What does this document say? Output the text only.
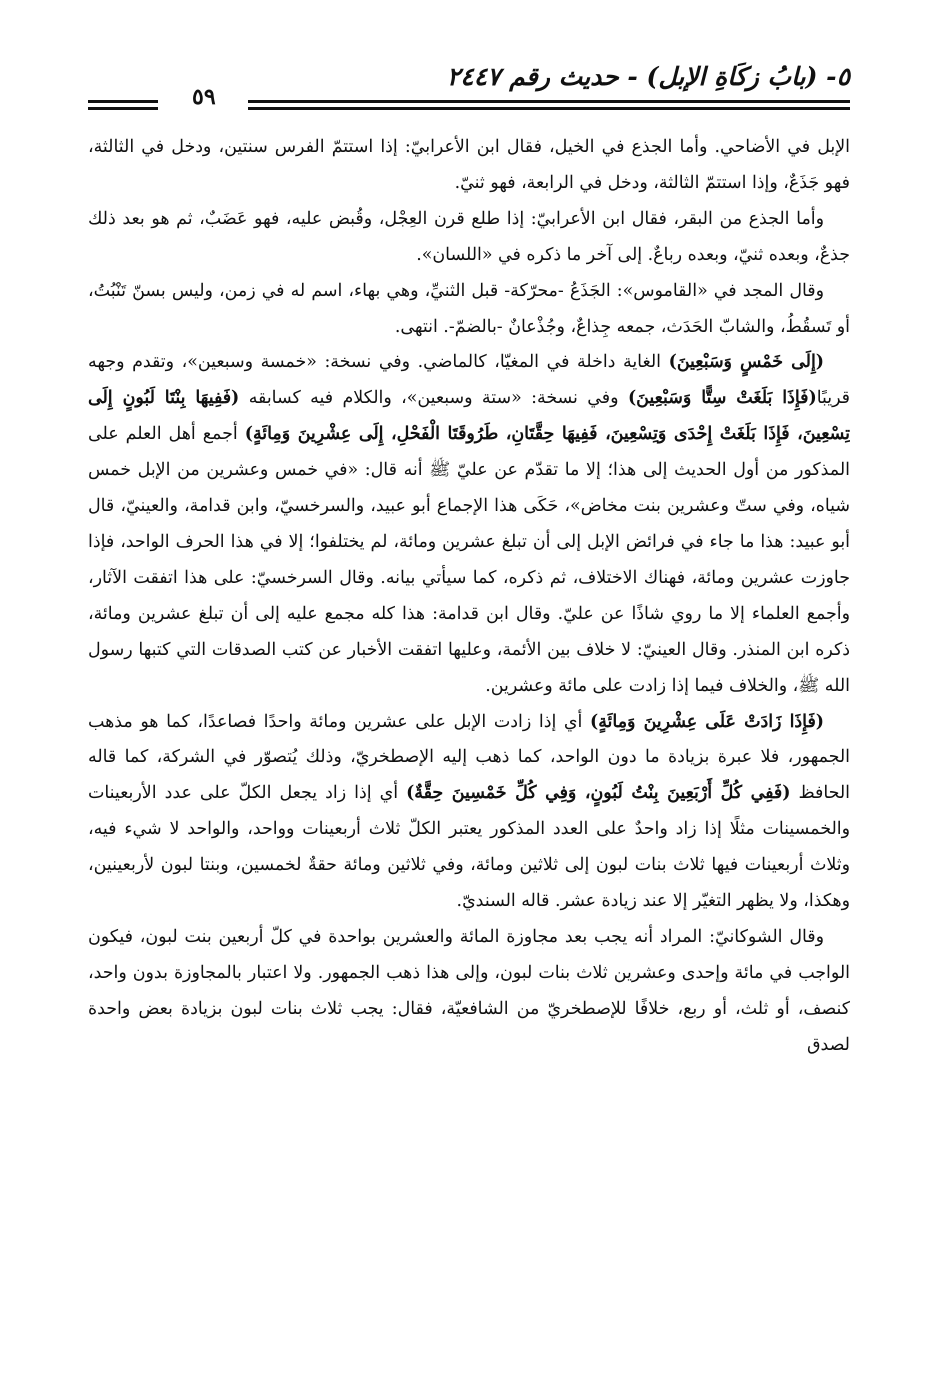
٥- (بابُ زكَاةِ الإبل) - حديث رقم ٢٤٤٧
٥٩

الإبل في الأضاحي. وأما الجذع في الخيل، فقال ابن الأعرابيّ: إذا استتمّ الفرس سنتين، ودخل في الثالثة، فهو جَذَعٌ، وإذا استتمّ الثالثة، ودخل في الرابعة، فهو ثنيّ.

وأما الجذع من البقر، فقال ابن الأعرابيّ: إذا طلع قرن العِجْل، وقُبض عليه، فهو عَضَبٌ، ثم هو بعد ذلك جذعٌ، وبعده ثنيّ، وبعده رباعٌ. إلى آخر ما ذكره في «اللسان».

وقال المجد في «القاموس»: الجَذَعُ -محرّكة- قبل الثنيِّ، وهي بهاء، اسم له في زمن، وليس بسنّ تَنْبُتُ، أو تَسقُطُ، والشابّ الحَدَث، جمعه جِذاعٌ، وجُذْعانٌ -بالضمّ-. انتهى.

(إِلَى خَمْسٍ وَسَبْعِينَ) الغاية داخلة في المغيّا، كالماضي. وفي نسخة: «خمسة وسبعين»، وتقدم وجهه قريبًا(فَإِذَا بَلَغَتْ سِتًّا وَسَبْعِينَ) وفي نسخة: «ستة وسبعين»، والكلام فيه كسابقه (فَفِيهَا بِنْتَا لَبُونٍ إِلَى تِسْعِينَ، فَإِذَا بَلَغَتْ إِحْدَى وَتِسْعِينَ، فَفِيهَا حِقَّتَانِ، طَرُوقَتَا الْفَحْلِ، إِلَى عِشْرِينَ وَمِائَةٍ) أجمع أهل العلم على المذكور من أول الحديث إلى هذا؛ إلا ما تقدّم عن عليّ ﷺ أنه قال: «في خمس وعشرين من الإبل خمس شياه، وفي ستّ وعشرين بنت مخاض»، حَكَى هذا الإجماع أبو عبيد، والسرخسيّ، وابن قدامة، والعينيّ، قال أبو عبيد: هذا ما جاء في فرائض الإبل إلى أن تبلغ عشرين ومائة، لم يختلفوا؛ إلا في هذا الحرف الواحد، فإذا جاوزت عشرين ومائة، فهناك الاختلاف، ثم ذكره، كما سيأتي بيانه. وقال السرخسيّ: على هذا اتفقت الآثار، وأجمع العلماء إلا ما روي شاذًا عن عليّ. وقال ابن قدامة: هذا كله مجمع عليه إلى أن تبلغ عشرين ومائة، ذكره ابن المنذر. وقال العينيّ: لا خلاف بين الأئمة، وعليها اتفقت الأخبار عن كتب الصدقات التي كتبها رسول الله ﷺ، والخلاف فيما إذا زادت على مائة وعشرين.

(فَإِذَا زَادَتْ عَلَى عِشْرِينَ وَمِائَةٍ) أي إذا زادت الإبل على عشرين ومائة واحدًا فصاعدًا، كما هو مذهب الجمهور، فلا عبرة بزيادة ما دون الواحد، كما ذهب إليه الإصطخريّ، وذلك يُتصوّر في الشركة، كما قاله الحافظ (فَفِي كُلِّ أَرْبَعِينَ بِنْتُ لَبُونٍ، وَفِي كُلِّ خَمْسِينَ حِقَّةٌ) أي إذا زاد يجعل الكلّ على عدد الأربعينات والخمسينات مثلًا إذا زاد واحدٌ على العدد المذكور يعتبر الكلّ ثلاث أربعينات وواحد، والواحد لا شيء فيه، وثلاث أربعينات فيها ثلاث بنات لبون إلى ثلاثين ومائة، وفي ثلاثين ومائة حقةٌ لخمسين، وبنتا لبون لأربعينين، وهكذا، ولا يظهر التغيّر إلا عند زيادة عشر. قاله السنديّ.

وقال الشوكانيّ: المراد أنه يجب بعد مجاوزة المائة والعشرين بواحدة في كلّ أربعين بنت لبون، فيكون الواجب في مائة وإحدى وعشرين ثلاث بنات لبون، وإلى هذا ذهب الجمهور. ولا اعتبار بالمجاوزة بدون واحد، كنصف، أو ثلث، أو ربع، خلافًا للإصطخريّ من الشافعيّة، فقال: يجب ثلاث بنات لبون بزيادة بعض واحدة لصدق
